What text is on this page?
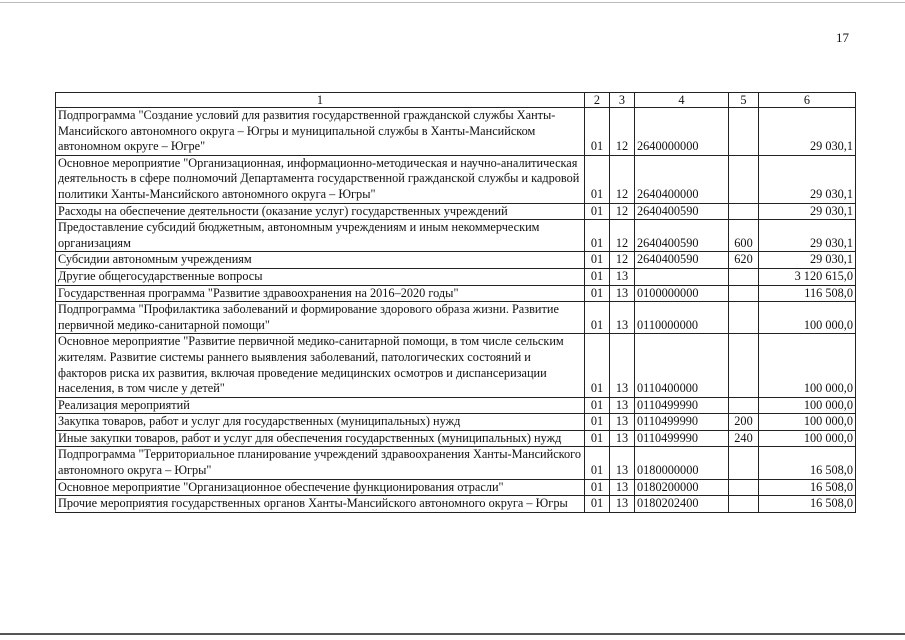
17
1	2	3	4	5	6
Подпрограмма "Создание условий для развития государственной гражданской службы Ханты-Мансийского автономного округа – Югры и муниципальной службы в Ханты-Мансийском автономном округе – Югре"	01	12	2640000000		29 030,1
Основное мероприятие "Организационная, информационно-методическая и научно-аналитическая деятельность в сфере полномочий Департамента государственной гражданской службы и кадровой политики Ханты-Мансийского автономного округа – Югры"	01	12	2640400000		29 030,1
Расходы на обеспечение деятельности (оказание услуг) государственных учреждений	01	12	2640400590		29 030,1
Предоставление субсидий бюджетным, автономным учреждениям и иным некоммерческим организациям	01	12	2640400590	600	29 030,1
Субсидии автономным учреждениям	01	12	2640400590	620	29 030,1
Другие общегосударственные вопросы	01	13			3 120 615,0
Государственная программа "Развитие здравоохранения на 2016–2020 годы"	01	13	0100000000		116 508,0
Подпрограмма "Профилактика заболеваний и формирование здорового образа жизни. Развитие первичной медико-санитарной помощи"	01	13	0110000000		100 000,0
Основное мероприятие "Развитие первичной медико-санитарной помощи, в том числе сельским жителям. Развитие системы раннего выявления заболеваний, патологических состояний и факторов риска их развития, включая проведение медицинских осмотров и диспансеризации населения, в том числе у детей"	01	13	0110400000		100 000,0
Реализация мероприятий	01	13	0110499990		100 000,0
Закупка товаров, работ и услуг для государственных (муниципальных) нужд	01	13	0110499990	200	100 000,0
Иные закупки товаров, работ и услуг для обеспечения государственных (муниципальных) нужд	01	13	0110499990	240	100 000,0
Подпрограмма "Территориальное планирование учреждений здравоохранения Ханты-Мансийского автономного округа – Югры"	01	13	0180000000		16 508,0
Основное мероприятие "Организационное обеспечение функционирования отрасли"	01	13	0180200000		16 508,0
Прочие мероприятия государственных органов Ханты-Мансийского автономного округа – Югры	01	13	0180202400		16 508,0
